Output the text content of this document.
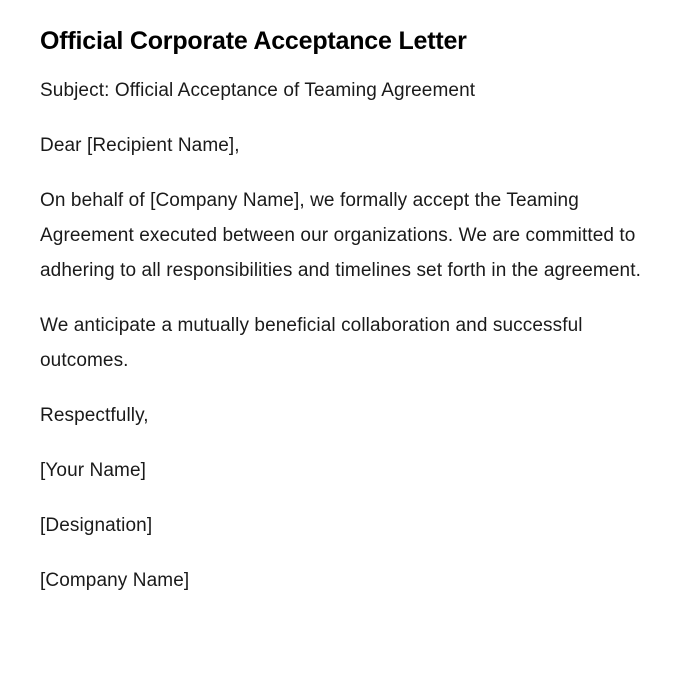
Official Corporate Acceptance Letter

Subject: Official Acceptance of Teaming Agreement

Dear [Recipient Name],

On behalf of [Company Name], we formally accept the Teaming Agreement executed between our organizations. We are committed to adhering to all responsibilities and timelines set forth in the agreement.

We anticipate a mutually beneficial collaboration and successful outcomes.

Respectfully,

[Your Name]

[Designation]

[Company Name]
